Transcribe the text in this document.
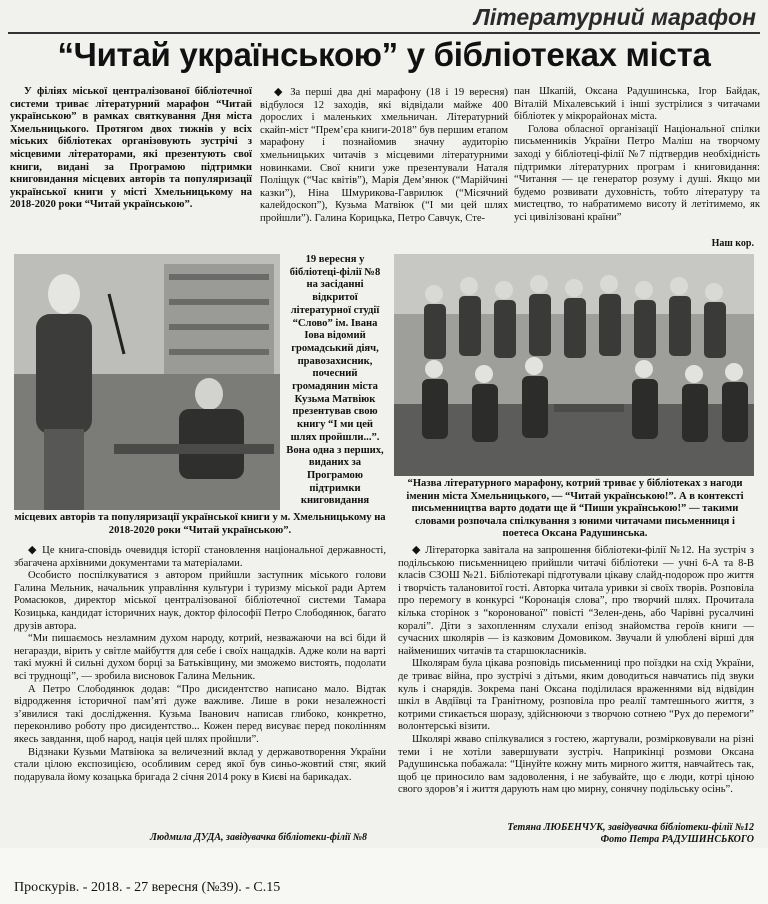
Літературний марафон
“Читай українською” у бібліотеках міста

У філіях міської централізованої бібліотечної системи триває літературний марафон “Читай українською” в рамках святкування Дня міста Хмельницького. Протягом двох тижнів у всіх міських бібліотеках організовують зустрічі з місцевими літераторами, які презентують свої книги, видані за Програмою підтримки книговидання місцевих авторів та популяризації української книги у місті Хмельницькому на 2018-2020 роки “Читай українською”.

◆ За перші два дні марафону (18 і 19 вересня) відбулося 12 заходів, які відвідали майже 400 дорослих і маленьких хмельничан. Літературний скайп-міст “Прем’єра книги-2018” був першим етапом марафону і познайомив значну аудиторію хмельницьких читачів з місцевими літературними новинками. Свої книги уже презентували Наталя Поліщук (“Час квітів”), Марія Дем’янюк (“Марійчині казки”), Ніна Шмурикова-Гаврилюк (“Місячний калейдоскоп”), Кузьма Матвіюк (“І ми цей шлях пройшли”). Галина Корицька, Петро Савчук, Сте-

пан Шкапій, Оксана Радушинська, Ігор Байдак, Віталій Міхалевський і інші зустрілися з читачами бібліотек у мікрорайонах міста.

Голова обласної організації Національної спілки письменників України Петро Маліш на творчому заході у бібліотеці-філії №7 підтвердив необхідність підтримки літературних програм і книговидання: “Читання — це генератор розуму і душі. Якщо ми будемо розвивати духовність, тобто літературу та мистецтво, то набратимемо висоту й летітимемо, як усі цивілізовані країни”

Наш кор.
19 вересня у бібліотеці-філії №8 на засіданні відкритої літературної студії “Слово” ім. Івана Іова відомий громадський діяч, правозахисник, почесний громадянин міста Кузьма Матвіюк презентував свою книгу “І ми цей шлях пройшли...”. Вона одна з перших, виданих за Програмою підтримки книговидання
“Назва літературного марафону, котрий триває у бібліотеках з нагоди іменин міста Хмельницького, — “Читай українською!”. А в контексті письменництва варто додати ще й “Пиши українською!” — такими словами розпочала спілкування з юними читачами письменниця і поетеса Оксана Радушинська.
місцевих авторів та популяризації української книги у м. Хмельницькому на 2018-2020 роки “Читай українською”.

◆ Це книга-сповідь очевидця історії становлення національної державності, збагачена архівними документами та матеріалами.

Особисто поспілкуватися з автором прийшли заступник міського голови Галина Мельник, начальник управління культури і туризму міської ради Артем Ромасюков, директор міської централізованої бібліотечної системи Тамара Козицька, кандидат історичних наук, доктор філософії Петро Слободянюк, багато друзів автора.

“Ми пишаємось незламним духом народу, котрий, незважаючи на всі біди й негаразди, вірить у світле майбуття для себе і своїх нащадків. Адже коли на варті такі мужні й сильні духом борці за Батьківщину, ми зможемо вистоять, подолати всі труднощі”, — зробила висновок Галина Мельник.

А Петро Слободянюк додав: “Про дисидентство написано мало. Відтак відродження історичної пам’яті дуже важливе. Лише в роки незалежності з’явилися такі дослідження. Кузьма Іванович написав глибоко, конкретно, переконливо роботу про дисидентство... Кожен перед висуває перед поколінням якесь завдання, щоб народ, нація цей шлях пройшли”.

Відзнаки Кузьми Матвіюка за величезний вклад у державотворення України стали цілою експозицією, особливим серед якої був синьо-жовтий стяг, який подарувала йому козацька бригада 2 січня 2014 року в Києві на барикадах.

Людмила ДУДА, завідувачка бібліотеки-філії №8

◆ Літераторка завітала на запрошення бібліотеки-філії №12. На зустріч з подільською письменницею прийшли читачі бібліотеки — учні 6-А та 8-В класів СЗОШ №21. Бібліотекарі підготували цікаву слайд-подорож про життя і творчість талановитої гості. Авторка читала уривки зі своїх творів. Розповіла про перемогу в конкурсі “Коронація слова”, про творчий шлях. Прочитала кілька сторінок з “коронованої” повісті “Зелен-день, або Чарівні русалчині коралі”. Діти з захопленням слухали епізод знайомства героїв книги — сучасних школярів — із казковим Домовиком. Звучали й улюблені вірші для наймениших читачів та старшокласників.

Школярам була цікава розповідь письменниці про поїздки на схід України, де триває війна, про зустрічі з дітьми, яким доводиться навчатись під звуки куль і снарядів. Зокрема пані Оксана поділилася враженнями від відвідин шкіл в Авдіївці та Гранітному, розповіла про реалії тамтешнього життя, з котрими стикається шоразу, здійснюючи з творчою сотнею “Рух до перемоги” волонтерські візити.

Школярі жваво спілкувалися з гостею, жартували, розмірковували на різні теми і не хотіли завершувати зустріч. Наприкінці розмови Оксана Радушинська побажала: “Цінуйте кожну мить мирного життя, навчайтесь так, щоб це приносило вам задоволення, і не забувайте, що є люди, котрі ціною свого здоров’я і життя дарують нам цю мирну, сонячну подільську осінь”.

Тетяна ЛЮБЕНЧУК, завідувачка бібліотеки-філії №12
Фото Петра РАДУШИНСЬКОГО
Проскурів. - 2018. - 27 вересня (№39). - С.15
